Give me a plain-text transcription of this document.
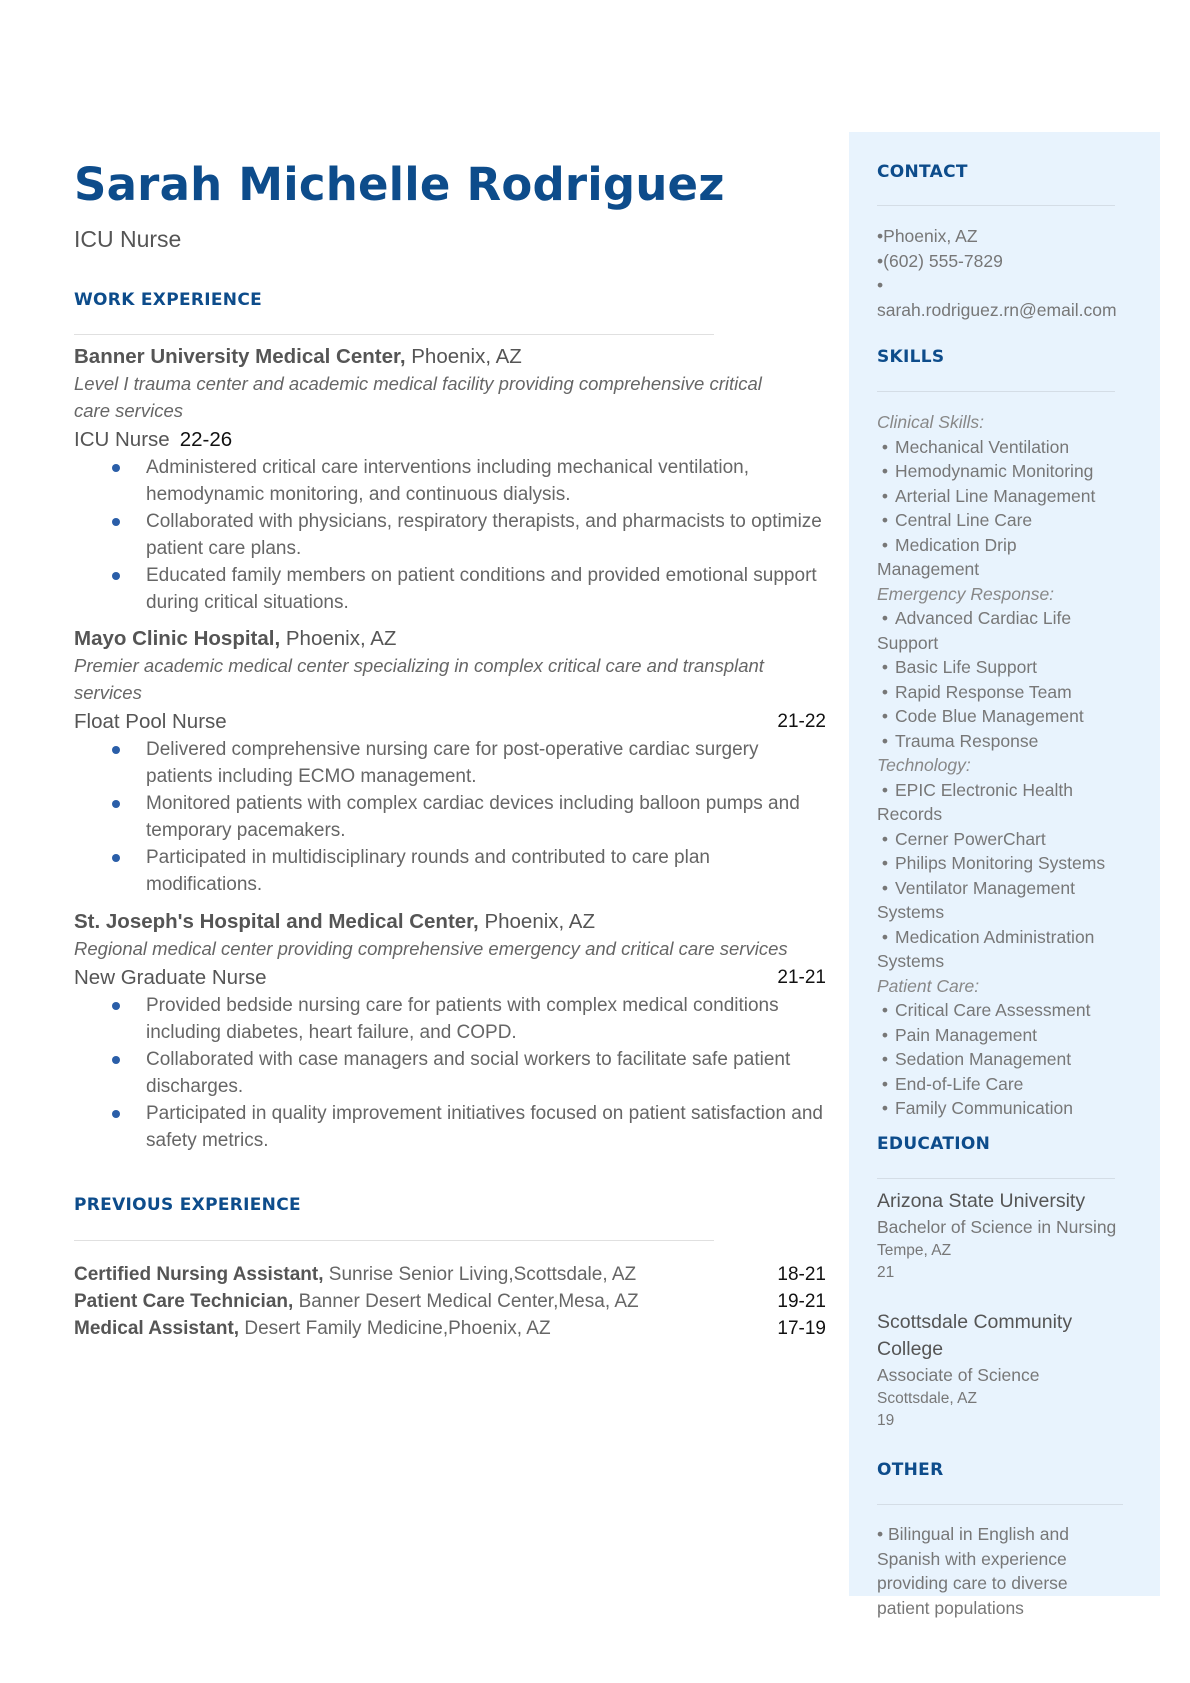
Sarah Michelle Rodriguez
ICU Nurse
WORK EXPERIENCE
Banner University Medical Center, Phoenix, AZ
Level I trauma center and academic medical facility providing comprehensive critical care services
ICU Nurse 22-26
Administered critical care interventions including mechanical ventilation, hemodynamic monitoring, and continuous dialysis.
Collaborated with physicians, respiratory therapists, and pharmacists to optimize patient care plans.
Educated family members on patient conditions and provided emotional support during critical situations.
Mayo Clinic Hospital, Phoenix, AZ
Premier academic medical center specializing in complex critical care and transplant services
Float Pool Nurse	21-22
Delivered comprehensive nursing care for post-operative cardiac surgery patients including ECMO management.
Monitored patients with complex cardiac devices including balloon pumps and temporary pacemakers.
Participated in multidisciplinary rounds and contributed to care plan modifications.
St. Joseph's Hospital and Medical Center, Phoenix, AZ
Regional medical center providing comprehensive emergency and critical care services
New Graduate Nurse	21-21
Provided bedside nursing care for patients with complex medical conditions including diabetes, heart failure, and COPD.
Collaborated with case managers and social workers to facilitate safe patient discharges.
Participated in quality improvement initiatives focused on patient satisfaction and safety metrics.
PREVIOUS EXPERIENCE
Certified Nursing Assistant, Sunrise Senior Living,Scottsdale, AZ	18-21
Patient Care Technician, Banner Desert Medical Center,Mesa, AZ	19-21
Medical Assistant, Desert Family Medicine,Phoenix, AZ	17-19
CONTACT
•Phoenix, AZ
•(602) 555-7829
•
sarah.rodriguez.rn@email.com
SKILLS
Clinical Skills:
• Mechanical Ventilation
• Hemodynamic Monitoring
• Arterial Line Management
• Central Line Care
• Medication Drip Management
Emergency Response:
• Advanced Cardiac Life Support
• Basic Life Support
• Rapid Response Team
• Code Blue Management
• Trauma Response
Technology:
• EPIC Electronic Health Records
• Cerner PowerChart
• Philips Monitoring Systems
• Ventilator Management Systems
• Medication Administration Systems
Patient Care:
• Critical Care Assessment
• Pain Management
• Sedation Management
• End-of-Life Care
• Family Communication
EDUCATION
Arizona State University
Bachelor of Science in Nursing
Tempe, AZ
21
Scottsdale Community College
Associate of Science
Scottsdale, AZ
19
OTHER
• Bilingual in English and Spanish with experience providing care to diverse patient populations
